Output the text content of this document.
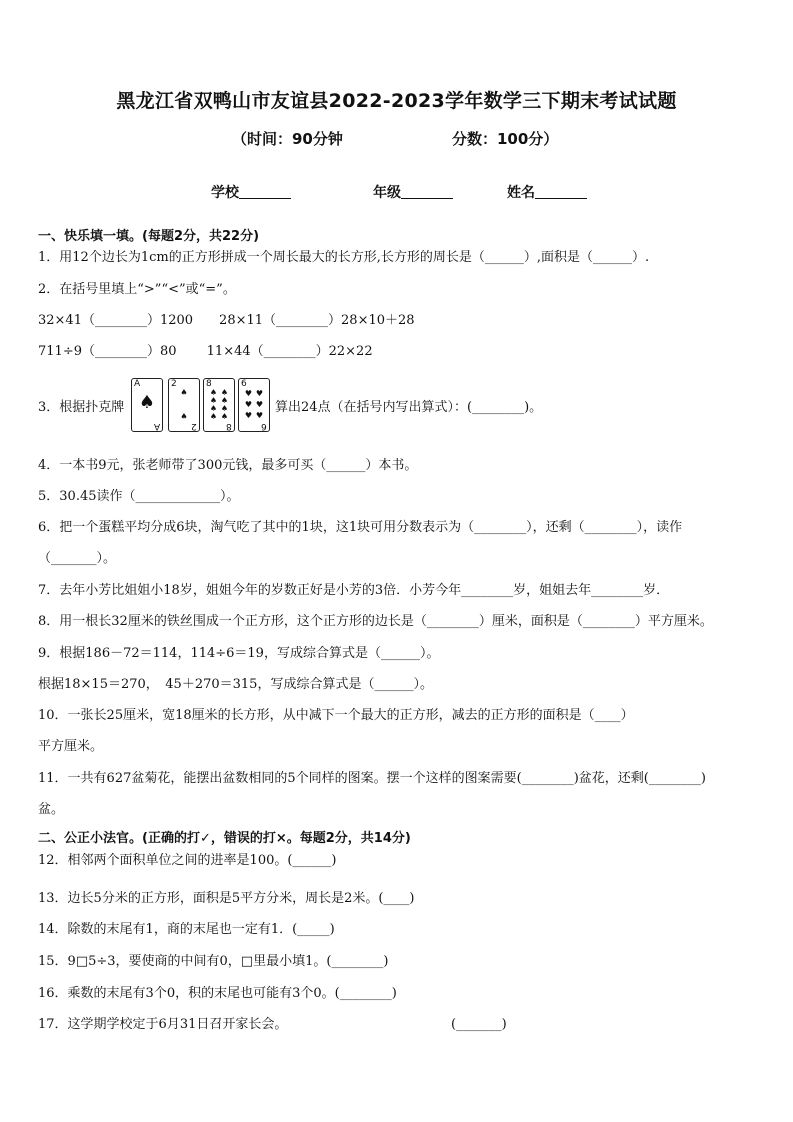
黑龙江省双鸭山市友谊县2022-2023学年数学三下期末考试试题
（时间：90分钟	分数：100分）
学校	年级	姓名
一、快乐填一填。(每题2分，共22分)
1．用12个边长为1cm的正方形拼成一个周长最大的长方形,长方形的周长是（______）,面积是（______）.
2．在括号里填上“>”“<”或“=”。
32×41（________）1200　　28×11（________）28×10＋28
711÷9（________）80　　 11×44（________）22×22
3．根据扑克牌
A
♠
A
2
♠
♠
2
8
♠ ♠
♠ ♠
♠ ♠
♠ ♠
8
6
♥ ♥
♥ ♥
♥ ♥
6
算出24点（在括号内写出算式）：(________)。
4．一本书9元，张老师带了300元钱，最多可买（______）本书。
5．30.45读作（_____________）。
6．把一个蛋糕平均分成6块，淘气吃了其中的1块，这1块可用分数表示为（________），还剩（________），读作
（_______）。
7．去年小芳比姐姐小18岁，姐姐今年的岁数正好是小芳的3倍．小芳今年________岁，姐姐去年________岁．
8．用一根长32厘米的铁丝围成一个正方形，这个正方形的边长是（________）厘米，面积是（________）平方厘米。
9．根据186－72＝114，114÷6＝19，写成综合算式是（______）。
根据18×15＝270，　45＋270＝315，写成综合算式是（______）。
10．一张长25厘米，宽18厘米的长方形，从中减下一个最大的正方形，减去的正方形的面积是（____）
平方厘米。
11．一共有627盆菊花，能摆出盆数相同的5个同样的图案。摆一个这样的图案需要(________)盆花，还剩(________)
盆。
二、公正小法官。(正确的打✓，错误的打×。每题2分，共14分)
12．相邻两个面积单位之间的进率是100。(______)
13．边长5分米的正方形，面积是5平方分米，周长是2米。(____)
14．除数的末尾有1，商的末尾也一定有1．(_____)
15．9□5÷3，要使商的中间有0，□里最小填1。(________)
16．乘数的末尾有3个0，积的末尾也可能有3个0。(________)
17．这学期学校定于6月31日召开家长会。	(_______)
